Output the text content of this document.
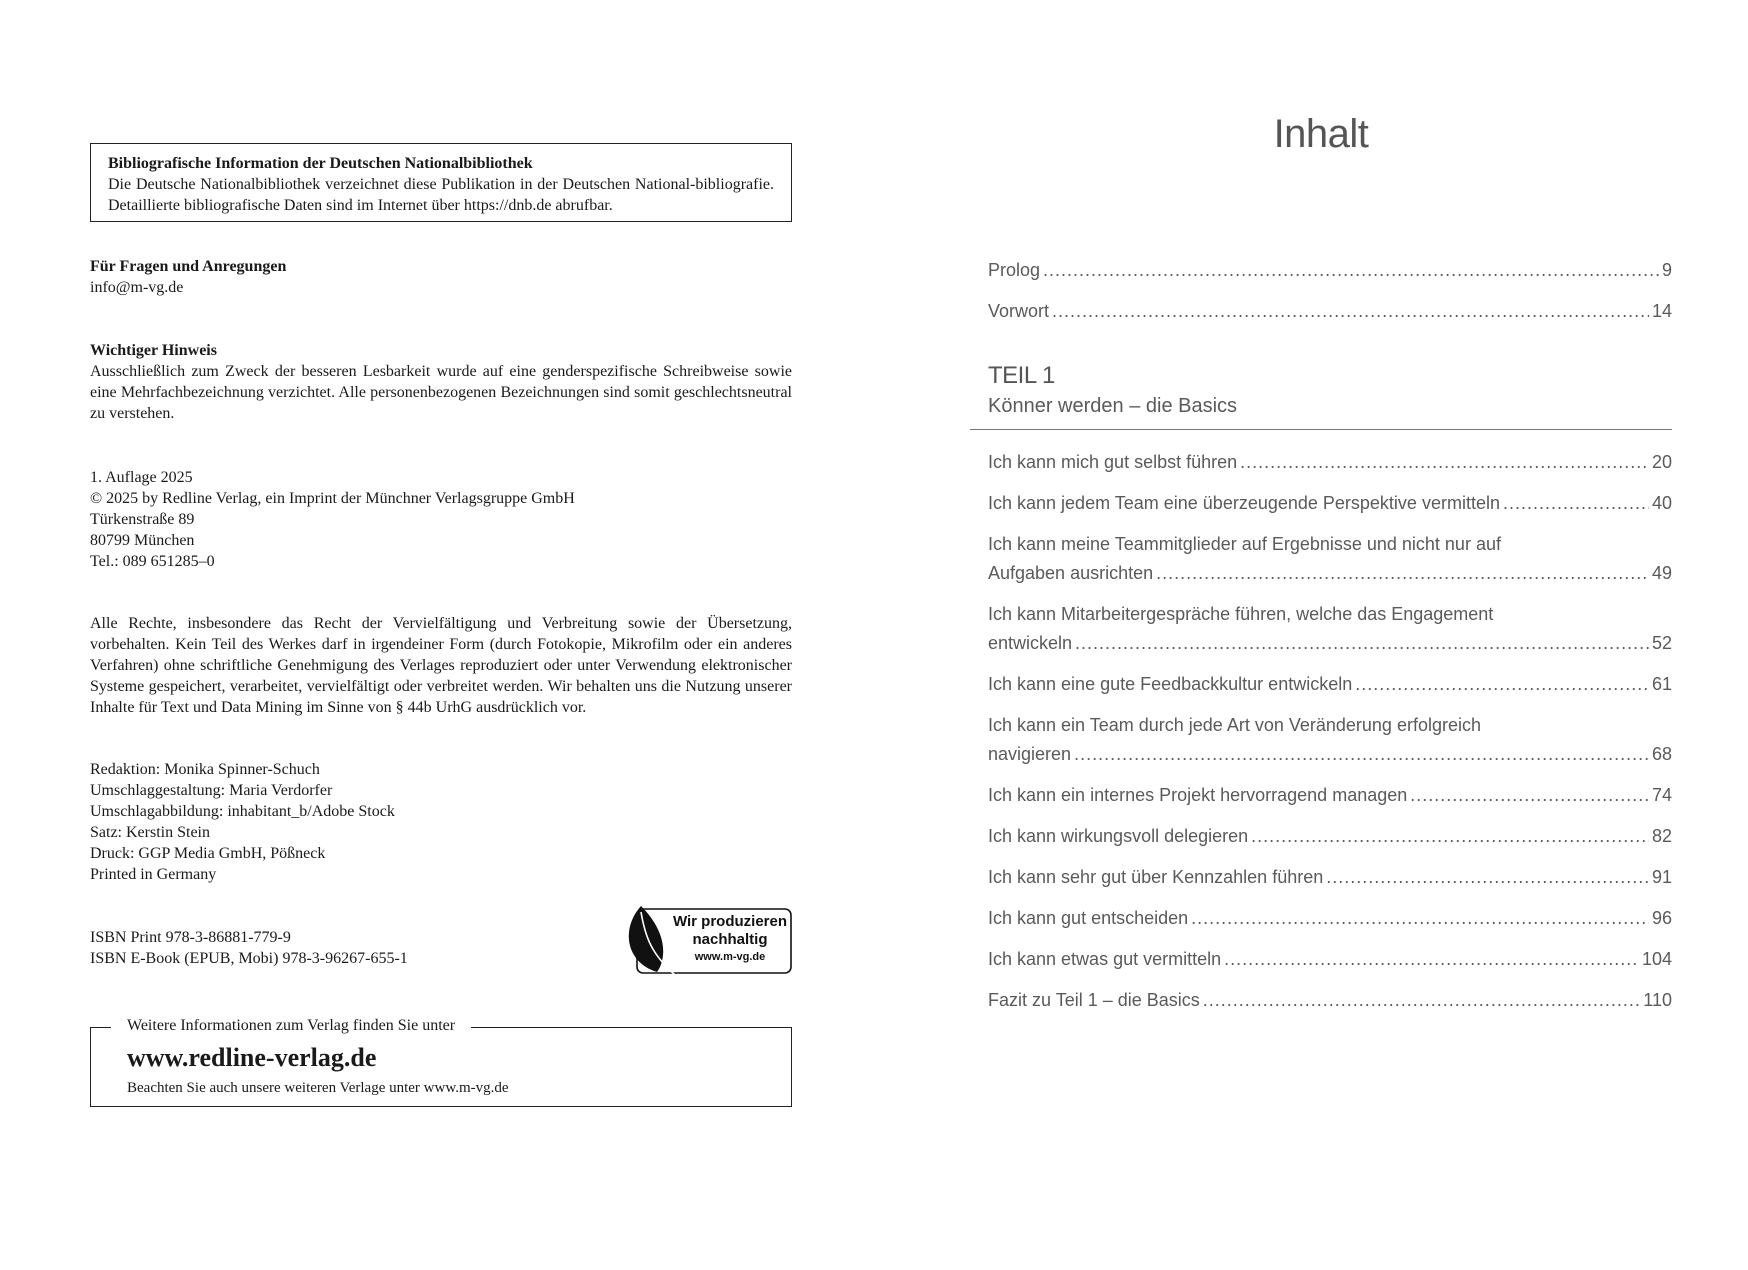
Bibliografische Information der Deutschen Nationalbibliothek
Die Deutsche Nationalbibliothek verzeichnet diese Publikation in der Deutschen National-bibliografie. Detaillierte bibliografische Daten sind im Internet über https://dnb.de abrufbar.
Für Fragen und Anregungen
info@m-vg.de
Wichtiger Hinweis
Ausschließlich zum Zweck der besseren Lesbarkeit wurde auf eine genderspezifische Schreibweise sowie eine Mehrfachbezeichnung verzichtet. Alle personenbezogenen Bezeichnungen sind somit geschlechtsneutral zu verstehen.
1. Auflage 2025
© 2025 by Redline Verlag, ein Imprint der Münchner Verlagsgruppe GmbH
Türkenstraße 89
80799 München
Tel.: 089 651285–0
Alle Rechte, insbesondere das Recht der Vervielfältigung und Verbreitung sowie der Übersetzung, vorbehalten. Kein Teil des Werkes darf in irgendeiner Form (durch Fotokopie, Mikrofilm oder ein anderes Verfahren) ohne schriftliche Genehmigung des Verlages reproduziert oder unter Verwendung elektronischer Systeme gespeichert, verarbeitet, vervielfältigt oder verbreitet werden. Wir behalten uns die Nutzung unserer Inhalte für Text und Data Mining im Sinne von § 44b UrhG ausdrücklich vor.
Redaktion: Monika Spinner-Schuch
Umschlaggestaltung: Maria Verdorfer
Umschlagabbildung: inhabitant_b/Adobe Stock
Satz: Kerstin Stein
Druck: GGP Media GmbH, Pößneck
Printed in Germany
ISBN Print 978-3-86881-779-9
ISBN E-Book (EPUB, Mobi) 978-3-96267-655-1
Wir produzieren
nachhaltig
www.m-vg.de
Weitere Informationen zum Verlag finden Sie unter
www.redline-verlag.de
Beachten Sie auch unsere weiteren Verlage unter www.m-vg.de
Inhalt
Prolog .....	9
Vorwort .....	14
TEIL 1
Könner werden – die Basics
Ich kann mich gut selbst führen .....	20
Ich kann jedem Team eine überzeugende Perspektive vermitteln .....	40
Ich kann meine Teammitglieder auf Ergebnisse und nicht nur auf
Aufgaben ausrichten .....	49
Ich kann Mitarbeitergespräche führen, welche das Engagement
entwickeln .....	52
Ich kann eine gute Feedbackkultur entwickeln .....	61
Ich kann ein Team durch jede Art von Veränderung erfolgreich
navigieren .....	68
Ich kann ein internes Projekt hervorragend managen .....	74
Ich kann wirkungsvoll delegieren .....	82
Ich kann sehr gut über Kennzahlen führen .....	91
Ich kann gut entscheiden .....	96
Ich kann etwas gut vermitteln .....	104
Fazit zu Teil 1 – die Basics .....	110
